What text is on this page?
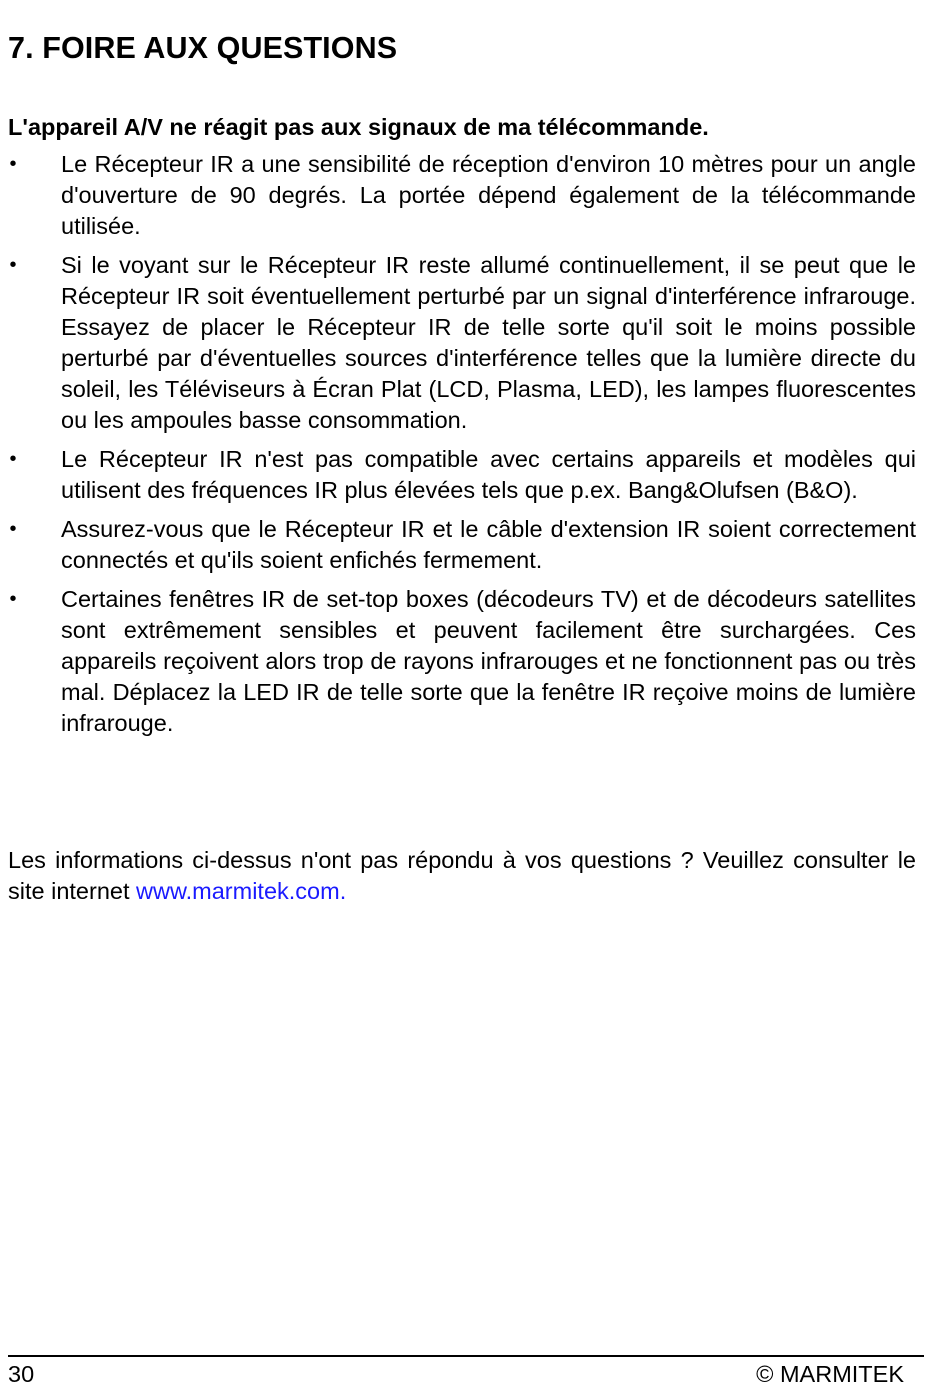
7. FOIRE AUX QUESTIONS
L'appareil A/V ne réagit pas aux signaux de ma télécommande.
• Le Récepteur IR a une sensibilité de réception d'environ 10 mètres pour un angle d'ouverture de 90 degrés. La portée dépend également de la télécommande utilisée.
• Si le voyant sur le Récepteur IR reste allumé continuellement, il se peut que le Récepteur IR soit éventuellement perturbé par un signal d'interférence infrarouge. Essayez de placer le Récepteur IR de telle sorte qu'il soit le moins possible perturbé par d'éventuelles sources d'interférence telles que la lumière directe du soleil, les Téléviseurs à Écran Plat (LCD, Plasma, LED), les lampes fluorescentes ou les ampoules basse consommation.
• Le Récepteur IR n'est pas compatible avec certains appareils et modèles qui utilisent des fréquences IR plus élevées tels que p.ex. Bang&Olufsen (B&O).
• Assurez-vous que le Récepteur IR et le câble d'extension IR soient correctement connectés et qu'ils soient enfichés fermement.
• Certaines fenêtres IR de set-top boxes (décodeurs TV) et de décodeurs satellites sont extrêmement sensibles et peuvent facilement être surchargées. Ces appareils reçoivent alors trop de rayons infrarouges et ne fonctionnent pas ou très mal. Déplacez la LED IR de telle sorte que la fenêtre IR reçoive moins de lumière infrarouge.

Les informations ci-dessus n'ont pas répondu à vos questions ? Veuillez consulter le site internet www.marmitek.com.

30	© MARMITEK
